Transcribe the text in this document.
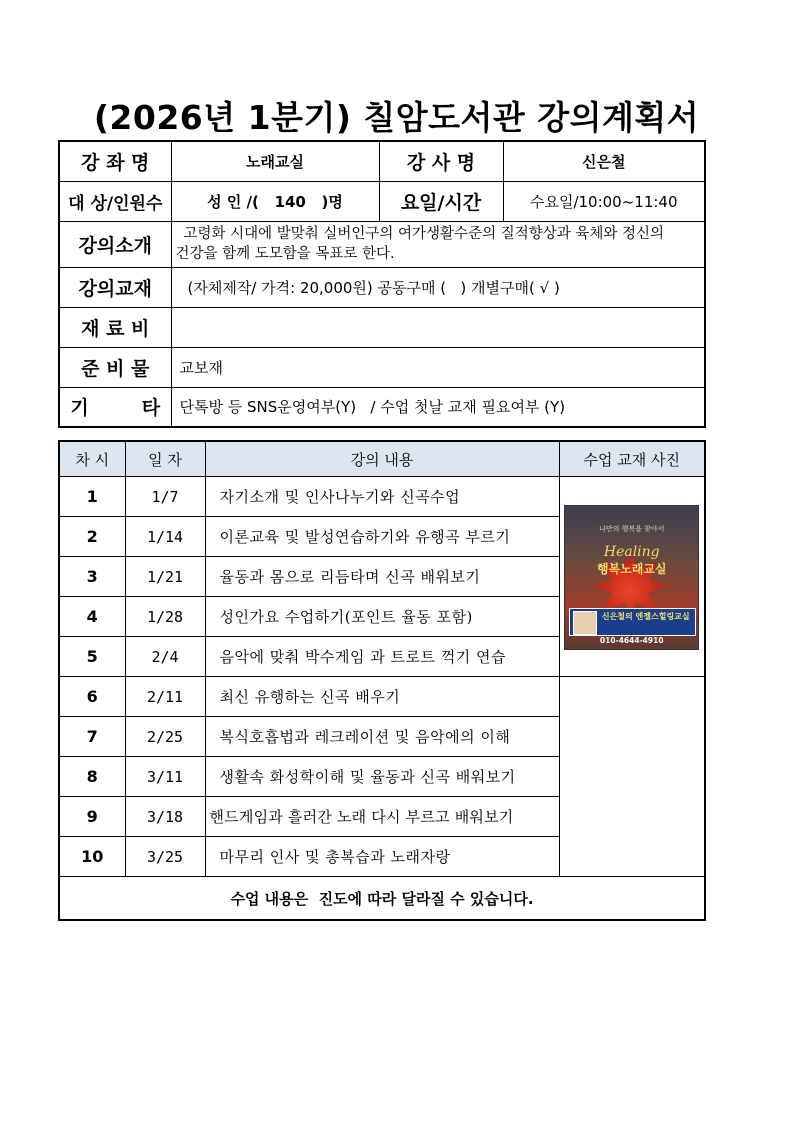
(2026년 1분기) 칠암도서관 강의계획서
강 좌 명	노래교실	강 사 명	신은철
대 상/인원수	성 인 /(   140   )명	요일/시간	수요일/10:00~11:40
강의소개	고령화 시대에 발맞춰 실버인구의 여가생활수준의 질적향상과 육체와 정신의
건강을 함께 도모함을 목표로 한다.		

강의교재	(자체제작/ 가격: 20,000원) 공동구매 (   ) 개별구매( √ )		
재 료 비			
준 비 물	교보재		
기        타	단톡방 등 SNS운영여부(Y)   / 수업 첫날 교재 필요여부 (Y)		
차 시	일 자	강의 내용	수업 교재 사진
1	1/7	자기소개 및 인사나누기와 신곡수업	나만의 행복을 찾아서
Healing
행복노래교실
신은철의 엔젤스힐링교실
010-4644-4910

2	1/14	이론교육 및 발성연습하기와 유행곡 부르기	
3	1/21	율동과 몸으로 리듬타며 신곡 배워보기	
4	1/28	성인가요 수업하기(포인트 율동 포함)	
5	2/4	음악에 맞춰 박수게임 과 트로트 꺽기 연습	
6	2/11	최신 유행하는 신곡 배우기	
7	2/25	복식호흡법과 레크레이션 및 음악에의 이해	
8	3/11	생활속 화성학이해 및 율동과 신곡 배워보기	
9	3/18	핸드게임과 흘러간 노래 다시 부르고 배워보기	
10	3/25	마무리 인사 및 총복습과 노래자랑	
수업 내용은  진도에 따라 달라질 수 있습니다.			
